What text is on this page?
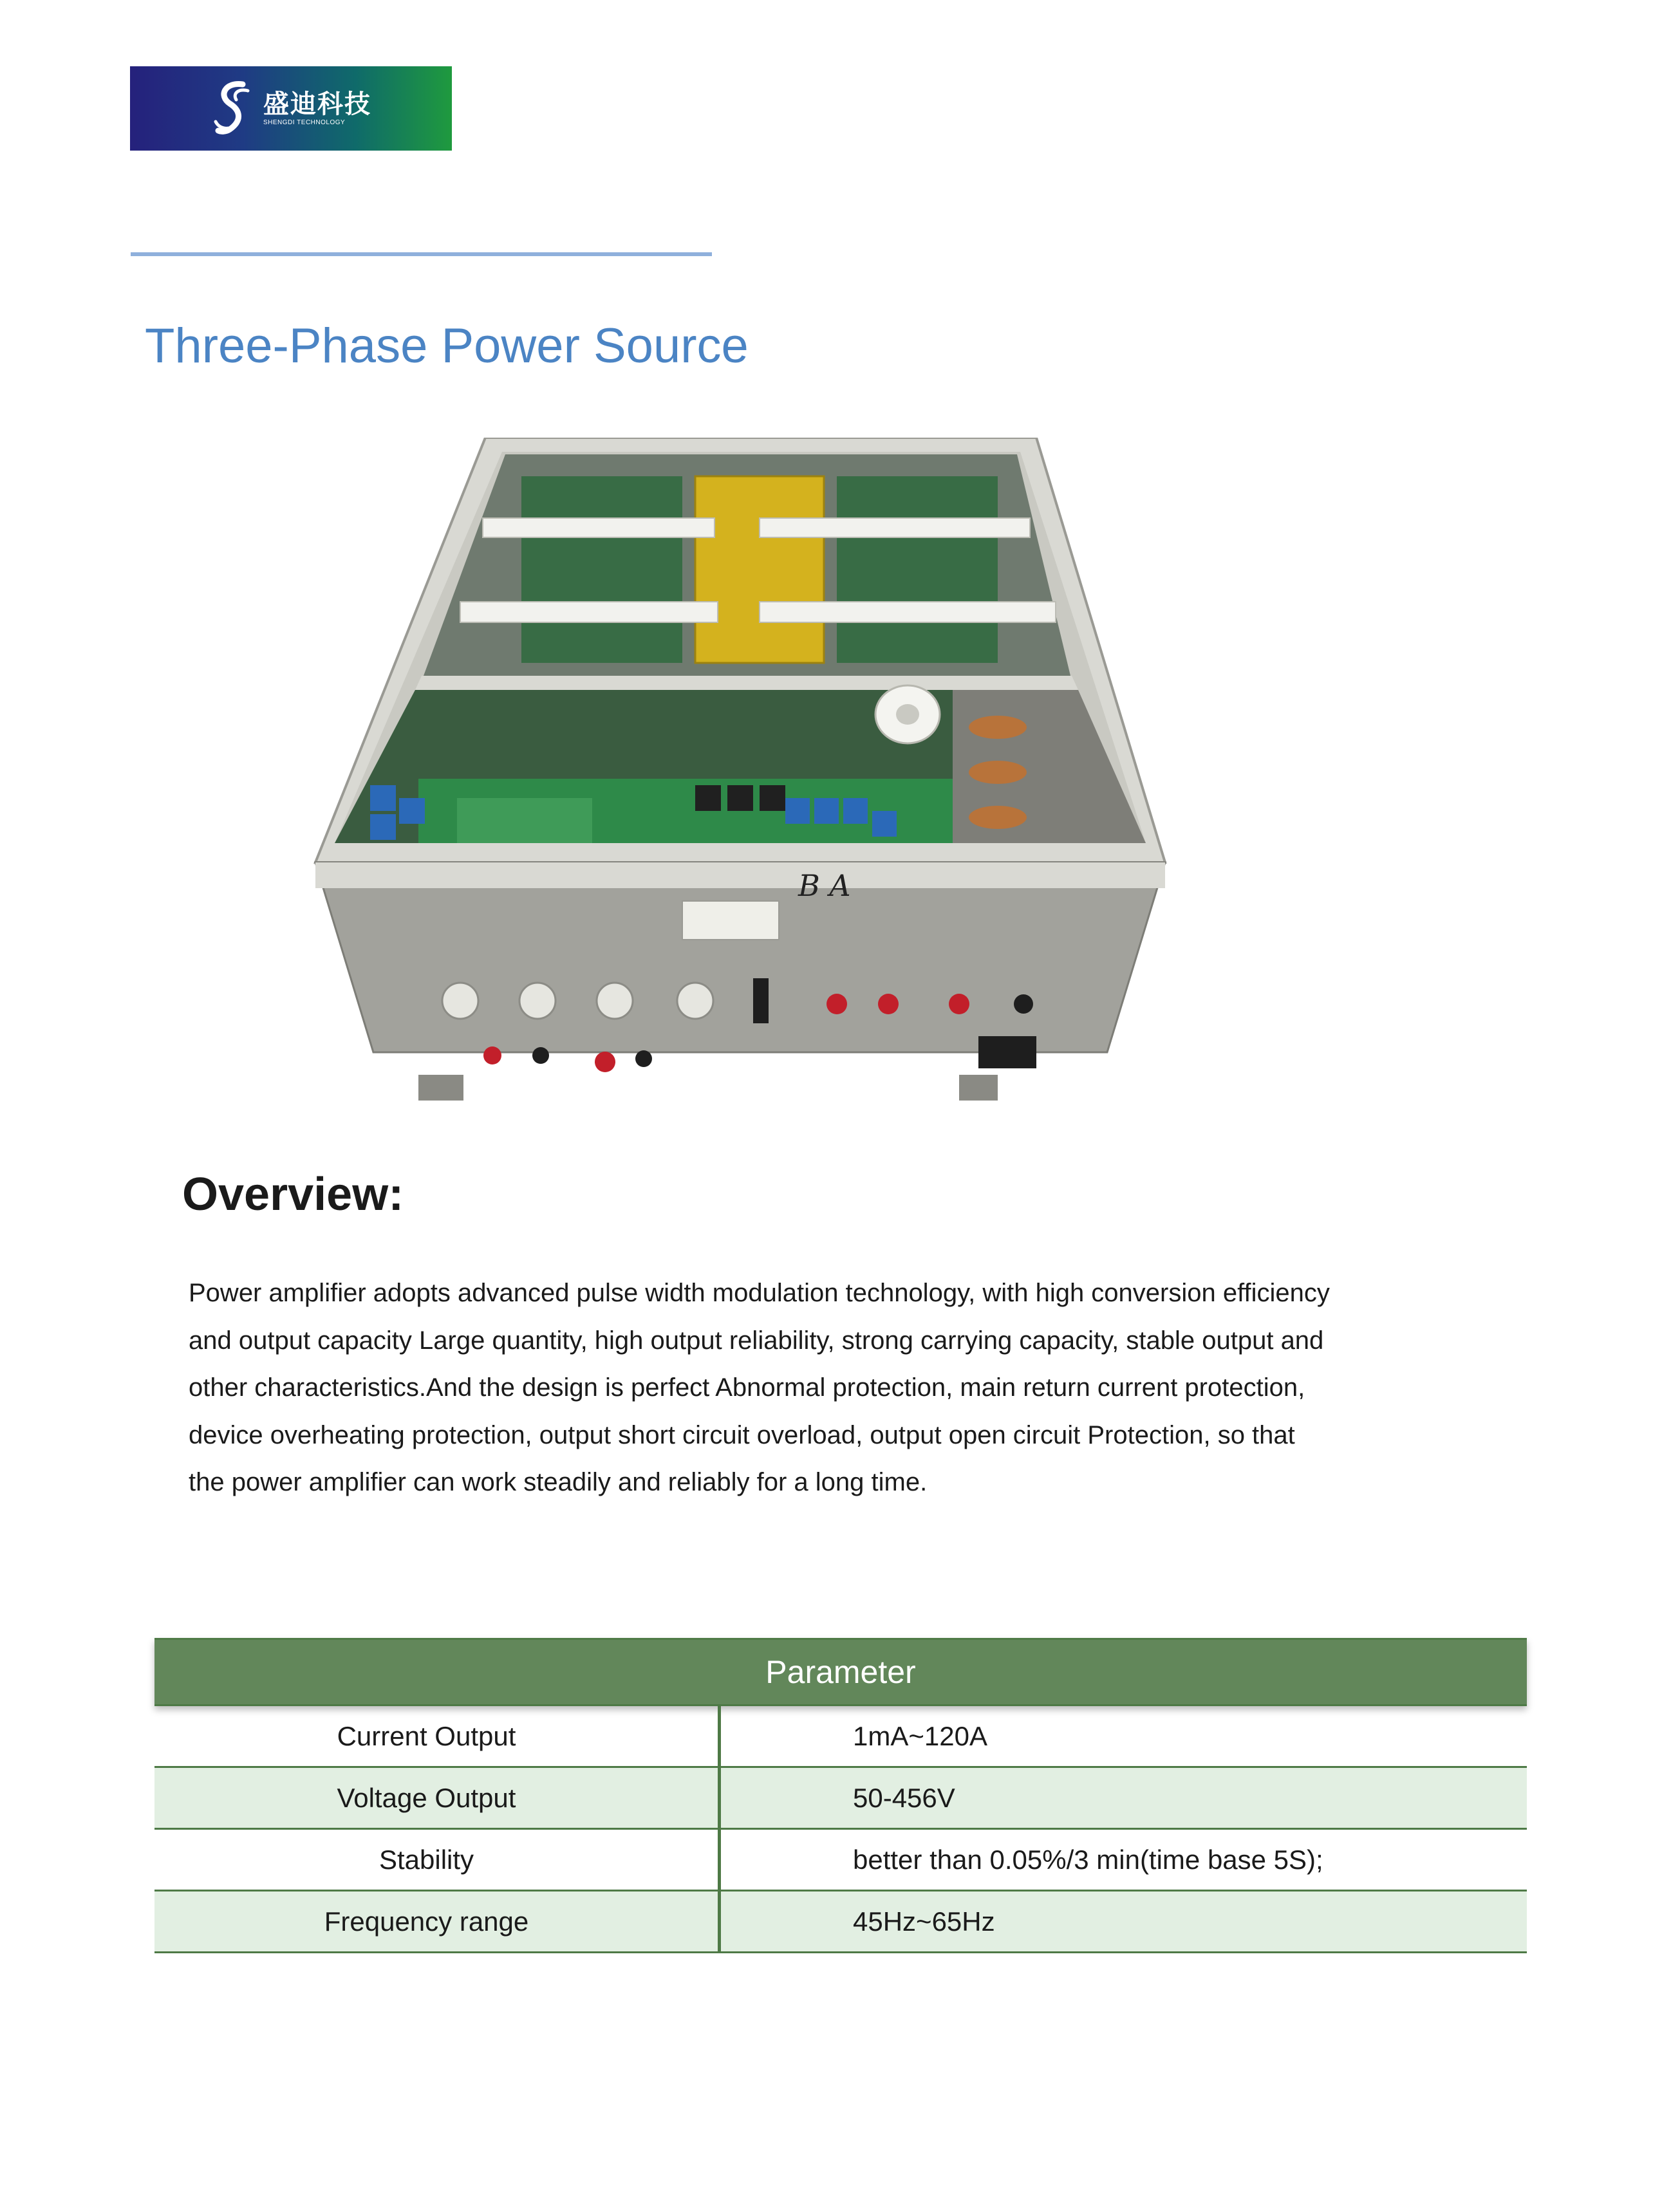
盛迪科技
SHENGDI TECHNOLOGY
Three-Phase Power Source
B A
Overview:
Power amplifier adopts advanced pulse width modulation technology, with high conversion efficiency
and output capacity Large quantity, high output reliability, strong carrying capacity, stable output and
other characteristics.And the design is perfect Abnormal protection, main return current protection,
device overheating protection, output short circuit overload, output open circuit Protection, so that
the power amplifier can work steadily and reliably for a long time.
Parameter
Current Output	1mA~120A
Voltage Output	50-456V
Stability	better than 0.05%/3 min(time base 5S);
Frequency range	45Hz~65Hz
